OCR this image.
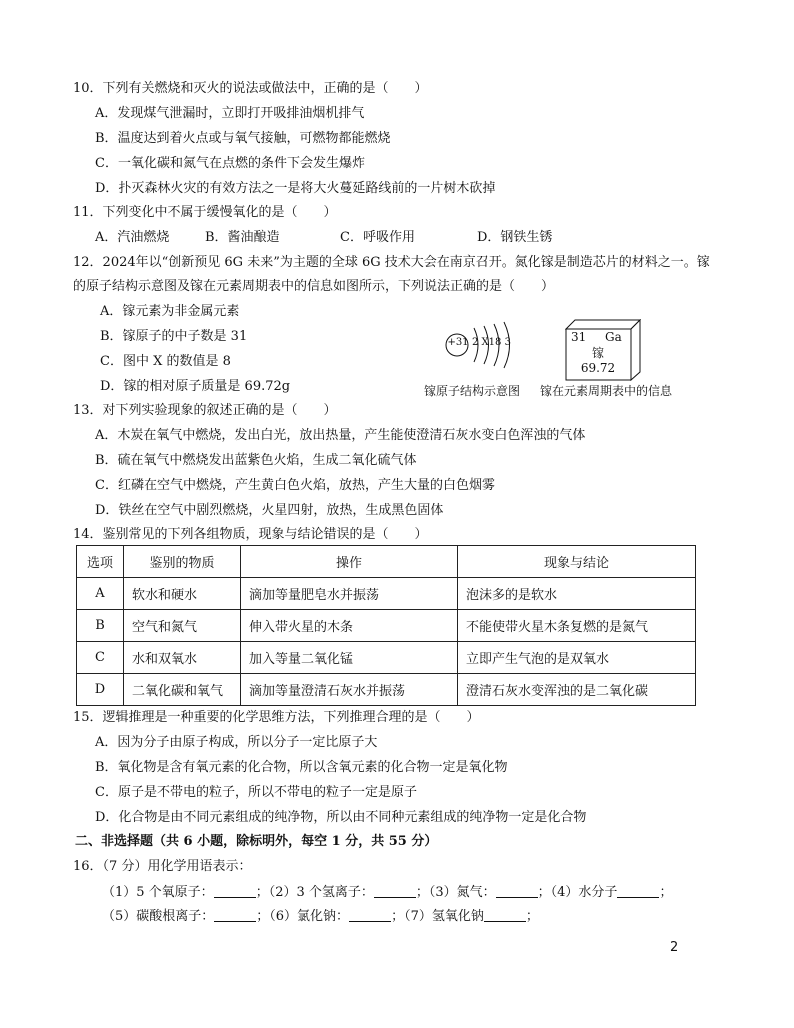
10．下列有关燃烧和灭火的说法或做法中，正确的是（　　）
A．发现煤气泄漏时，立即打开吸排油烟机排气
B．温度达到着火点或与氧气接触，可燃物都能燃烧
C．一氧化碳和氮气在点燃的条件下会发生爆炸
D．扑灭森林火灾的有效方法之一是将大火蔓延路线前的一片树木砍掉
11．下列变化中不属于缓慢氧化的是（　　）
A．汽油燃烧	B．酱油酿造	C．呼吸作用	D．钢铁生锈
12．2024年以“创新预见 6G 未来”为主题的全球 6G 技术大会在南京召开。氮化镓是制造芯片的材料之一。镓
的原子结构示意图及镓在元素周期表中的信息如图所示，下列说法正确的是（　　）
A．镓元素为非金属元素
B．镓原子的中子数是 31
C．图中 X 的数值是 8
D．镓的相对原子质量是 69.72g
+31 2 X18 3
镓原子结构示意图
31 Ga
镓
69.72
镓在元素周期表中的信息
13．对下列实验现象的叙述正确的是（　　）
A．木炭在氧气中燃烧，发出白光，放出热量，产生能使澄清石灰水变白色浑浊的气体
B．硫在氧气中燃烧发出蓝紫色火焰，生成二氧化硫气体
C．红磷在空气中燃烧，产生黄白色火焰，放热，产生大量的白色烟雾
D．铁丝在空气中剧烈燃烧，火星四射，放热，生成黑色固体
14．鉴别常见的下列各组物质，现象与结论错误的是（　　）
选项	鉴别的物质	操作	现象与结论
A	软水和硬水	滴加等量肥皂水并振荡	泡沫多的是软水
B	空气和氮气	伸入带火星的木条	不能使带火星木条复燃的是氮气
C	水和双氧水	加入等量二氧化锰	立即产生气泡的是双氧水
D	二氧化碳和氧气	滴加等量澄清石灰水并振荡	澄清石灰水变浑浊的是二氧化碳
15．逻辑推理是一种重要的化学思维方法，下列推理合理的是（　　）
A．因为分子由原子构成，所以分子一定比原子大
B．氧化物是含有氧元素的化合物，所以含氧元素的化合物一定是氧化物
C．原子是不带电的粒子，所以不带电的粒子一定是原子
D．化合物是由不同元素组成的纯净物，所以由不同种元素组成的纯净物一定是化合物
二、非选择题（共 6 小题，除标明外，每空 1 分，共 55 分）
16．（7 分）用化学用语表示：
（1）5 个氧原子：	；（2）3 个氢离子：	；（3）氮气：	；（4）水分子	；
（5）碳酸根离子：	；（6）氯化钠：	；（7）氢氧化钠	；
2
